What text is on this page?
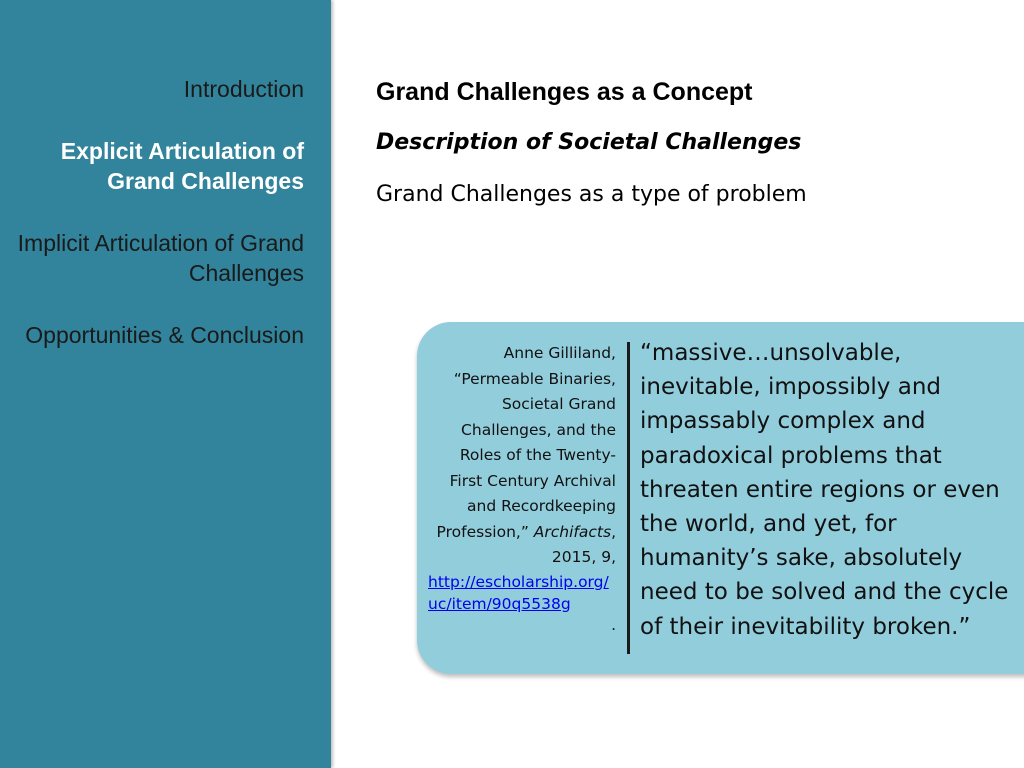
Introduction
Explicit Articulation of Grand Challenges
Implicit Articulation of Grand Challenges
Opportunities & Conclusion
Grand Challenges as a Concept
Description of Societal Challenges
Grand Challenges as a type of problem
Anne Gilliland, “Permeable Binaries, Societal Grand Challenges, and the Roles of the Twenty-First Century Archival and Recordkeeping Profession,” Archifacts, 2015, 9,
http://escholarship.org/uc/item/90q5538g
.
“massive…unsolvable, inevitable, impossibly and impassably complex and paradoxical problems that threaten entire regions or even the world, and yet, for humanity’s sake, absolutely need to be solved and the cycle of their inevitability broken.”
